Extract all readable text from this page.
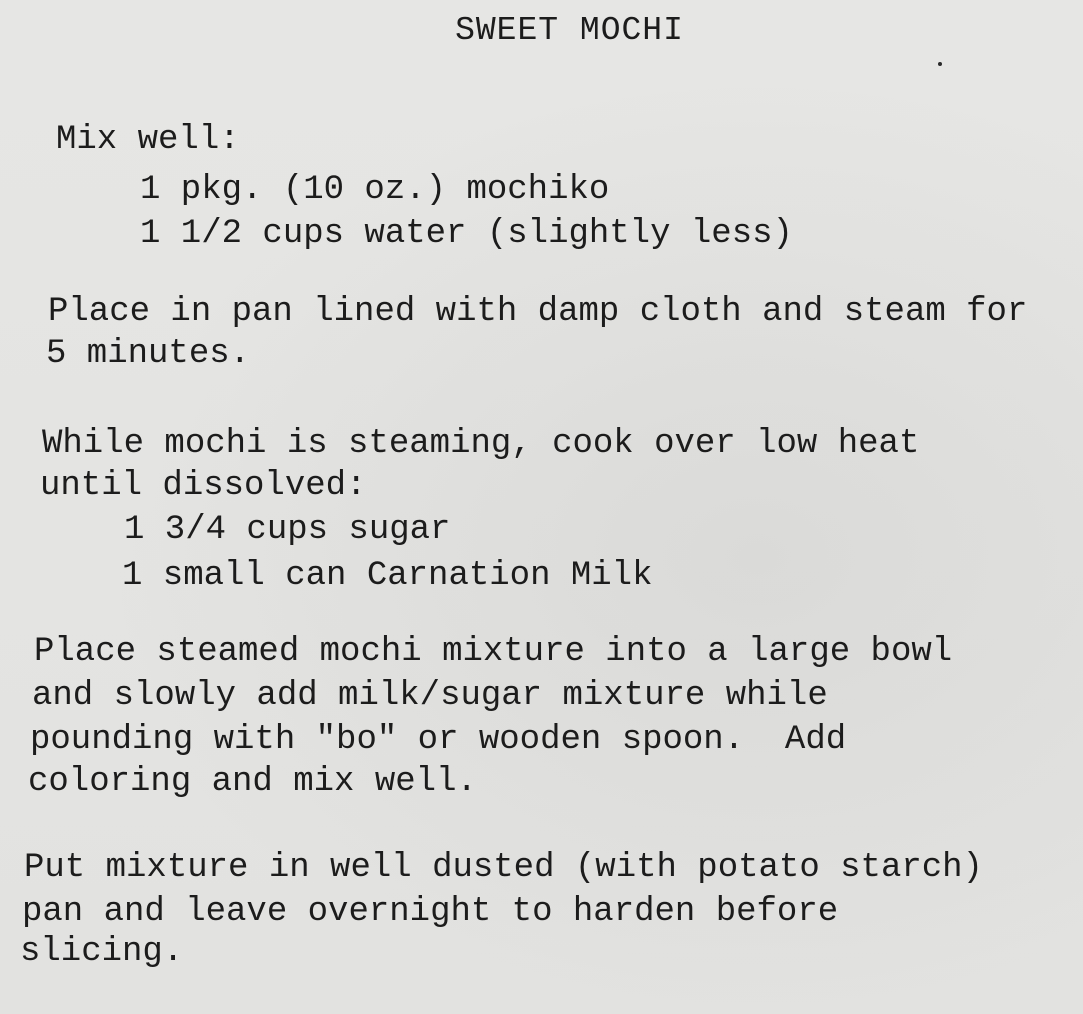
SWEET MOCHI
Mix well:
1 pkg. (10 oz.) mochiko
1 1/2 cups water (slightly less)
Place in pan lined with damp cloth and steam for
5 minutes.
While mochi is steaming, cook over low heat
until dissolved:
1 3/4 cups sugar
1 small can Carnation Milk
Place steamed mochi mixture into a large bowl
and slowly add milk/sugar mixture while
pounding with "bo" or wooden spoon.  Add
coloring and mix well.
Put mixture in well dusted (with potato starch)
pan and leave overnight to harden before
slicing.
